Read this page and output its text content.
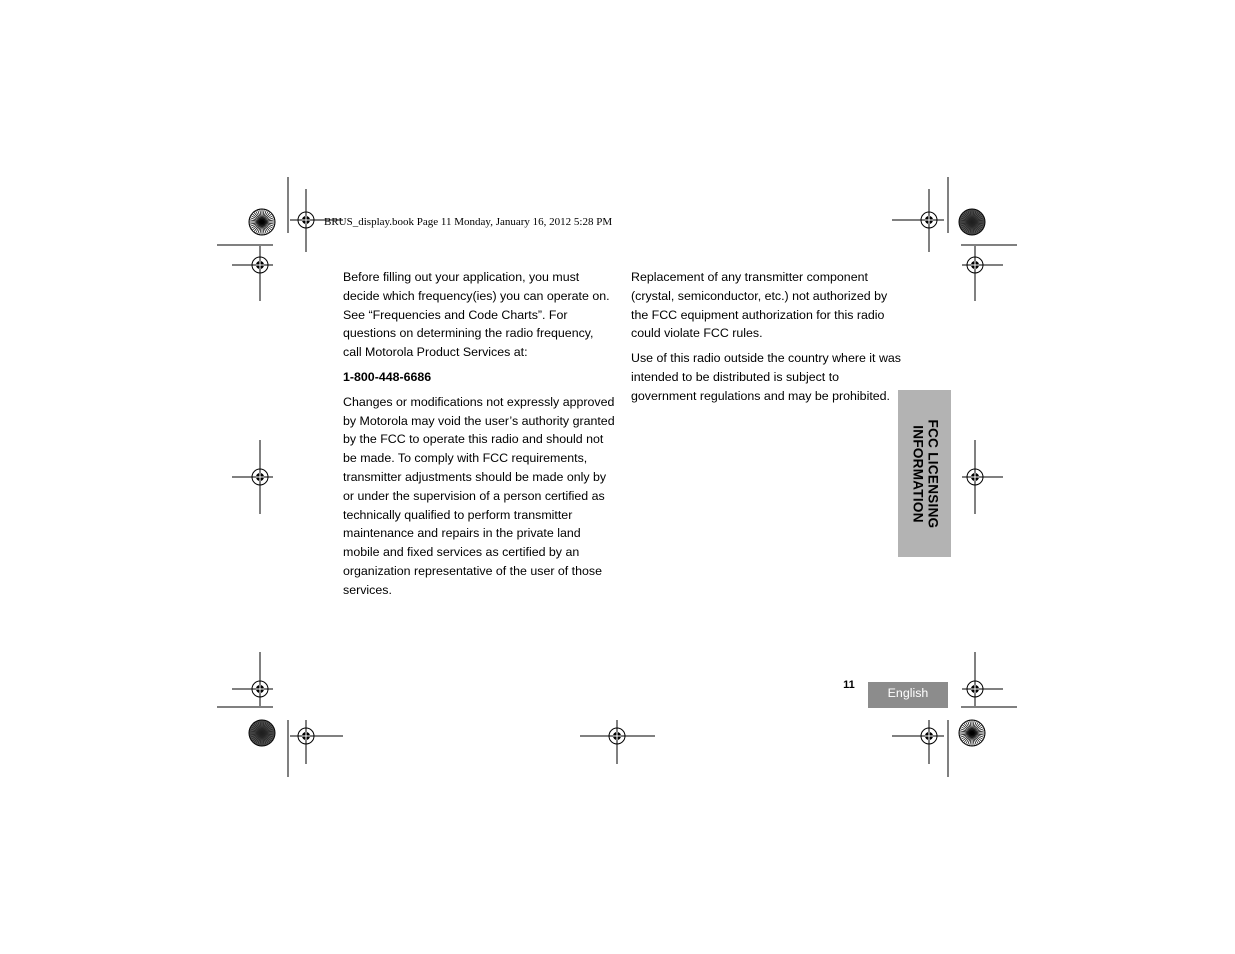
BRUS_display.book Page 11 Monday, January 16, 2012 5:28 PM

Before filling out your application, you must decide which frequency(ies) you can operate on. See “Frequencies and Code Charts”. For questions on determining the radio frequency, call Motorola Product Services at:

1-800-448-6686

Changes or modifications not expressly approved by Motorola may void the user’s authority granted by the FCC to operate this radio and should not be made. To comply with FCC requirements, transmitter adjustments should be made only by or under the supervision of a person certified as technically qualified to perform transmitter maintenance and repairs in the private land mobile and fixed services as certified by an organization representative of the user of those services.

Replacement of any transmitter component (crystal, semiconductor, etc.) not authorized by the FCC equipment authorization for this radio could violate FCC rules.

Use of this radio outside the country where it was intended to be distributed is subject to government regulations and may be prohibited.

FCC LICENSING
INFORMATION
11
English
